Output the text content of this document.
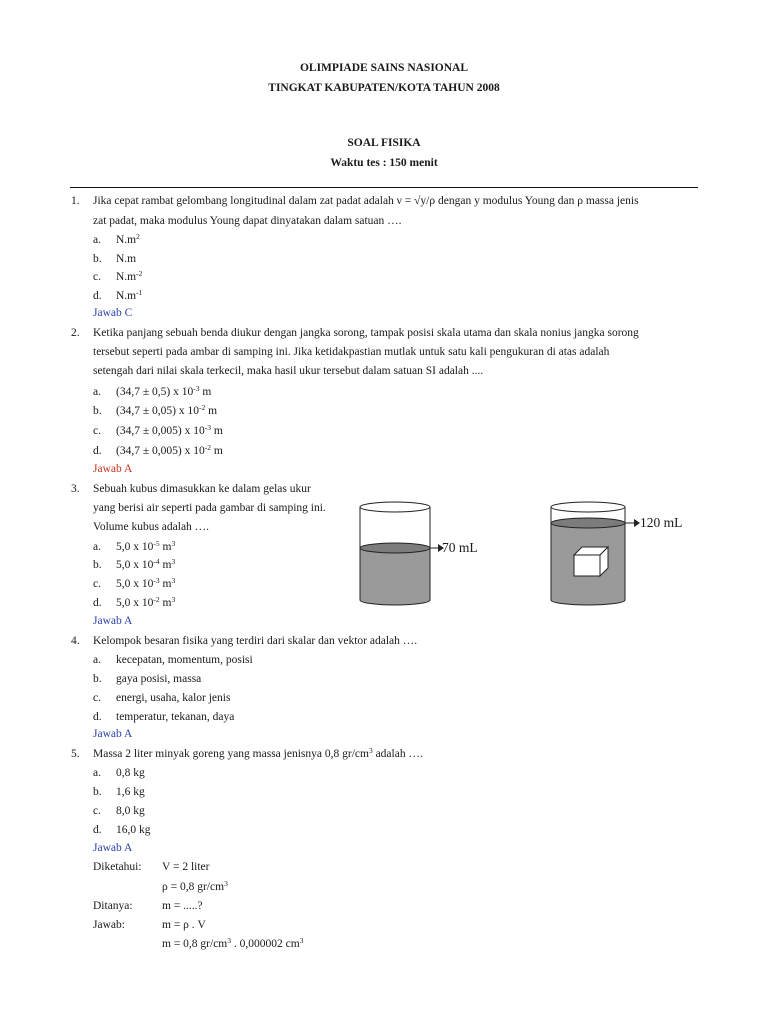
OLIMPIADE SAINS NASIONAL
TINGKAT KABUPATEN/KOTA TAHUN 2008
SOAL FISIKA
Waktu tes : 150 menit
1. Jika cepat rambat gelombang longitudinal dalam zat padat adalah ν = √y/ρ dengan y modulus Young dan ρ massa jenis
zat padat, maka modulus Young dapat dinyatakan dalam satuan ….
a. $N.m^2$
b. N.m
c. $N.m^{-2}$
d. $N.m^{-1}$
Jawab C
2. Ketika panjang sebuah benda diukur dengan jangka sorong, tampak posisi skala utama dan skala nonius jangka sorong
tersebut seperti pada ambar di samping ini. Jika ketidakpastian mutlak untuk satu kali pengukuran di atas adalah
setengah dari nilai skala terkecil, maka hasil ukur tersebut dalam satuan SI adalah ....
a. (34,7 ± 0,5) x $10^{-3}$ m
b. (34,7 ± 0,05) x $10^{-2}$ m
c. (34,7 ± 0,005) x $10^{-3}$ m
d. (34,7 ± 0,005) x $10^{-2}$ m
Jawab A
3. Sebuah kubus dimasukkan ke dalam gelas ukur
yang berisi air seperti pada gambar di samping ini.
Volume kubus adalah ….
a. 5,0 x $10^{-5}$ $m^3$
b. 5,0 x $10^{-4}$ $m^3$
c. 5,0 x $10^{-3}$ $m^3$
d. 5,0 x $10^{-2}$ $m^3$
Jawab A
70 mL
120 mL
4. Kelompok besaran fisika yang terdiri dari skalar dan vektor adalah ….
a. kecepatan, momentum, posisi
b. gaya posisi, massa
c. energi, usaha, kalor jenis
d. temperatur, tekanan, daya
Jawab A
5. Massa 2 liter minyak goreng yang massa jenisnya 0,8 $gr/cm^3$ adalah ….
a. 0,8 kg
b. 1,6 kg
c. 8,0 kg
d. 16,0 kg
Jawab A
Diketahui: V = 2 liter
ρ = 0,8 $gr/cm^3$
Ditanya:	m = .....?
Jawab:	m = ρ . V
m = 0,8 $gr/cm^3$ . 0,000002 $cm^3$
